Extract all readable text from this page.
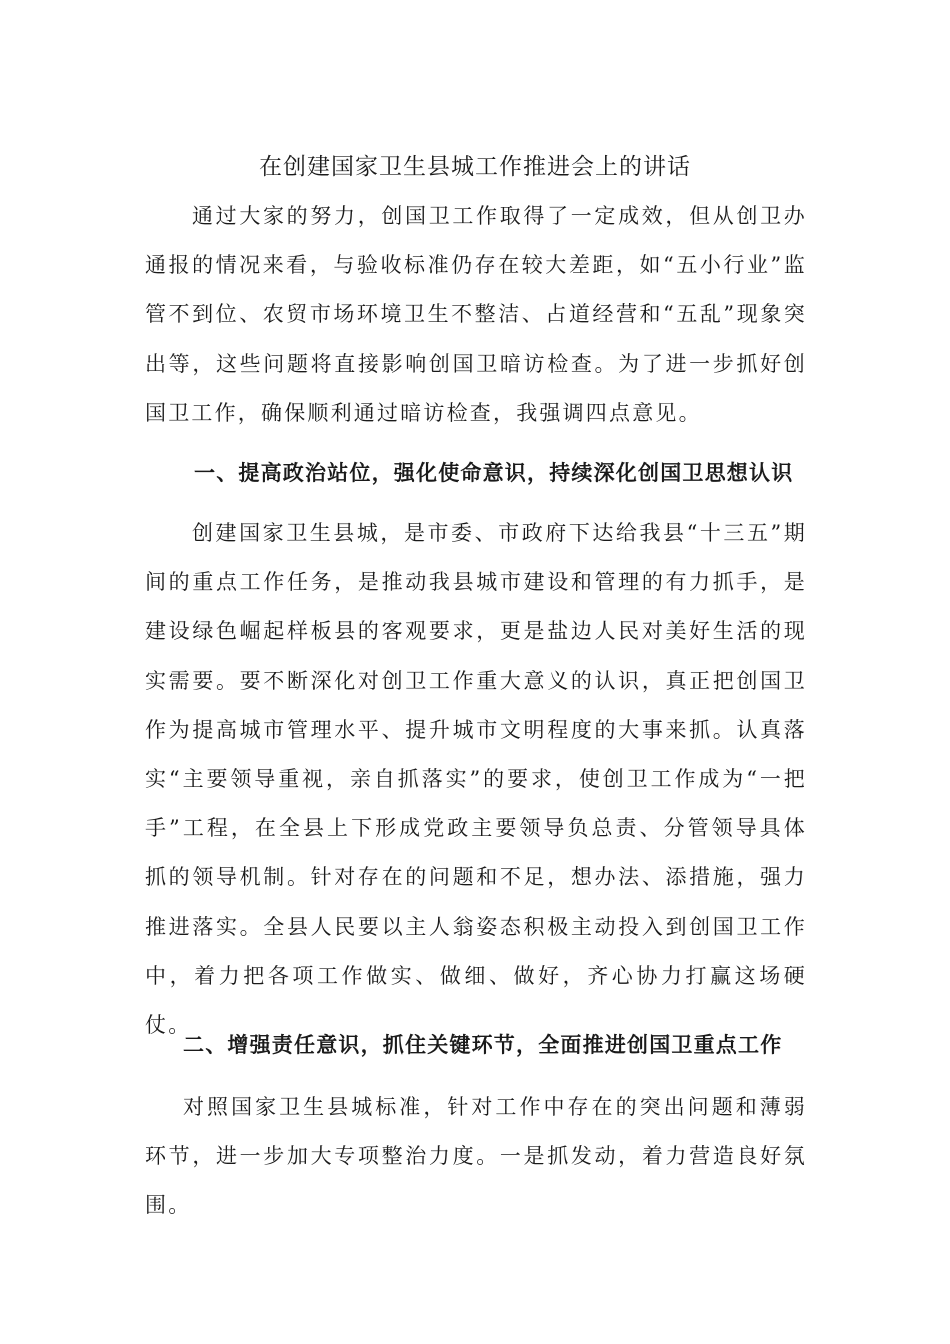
在创建国家卫生县城工作推进会上的讲话

通过大家的努力，创国卫工作取得了一定成效，但从创卫办通报的情况来看，与验收标准仍存在较大差距，如“五小行业”监管不到位、农贸市场环境卫生不整洁、占道经营和“五乱”现象突出等，这些问题将直接影响创国卫暗访检查。为了进一步抓好创国卫工作，确保顺利通过暗访检查，我强调四点意见。

一、提高政治站位，强化使命意识，持续深化创国卫思想认识

创建国家卫生县城，是市委、市政府下达给我县“十三五”期间的重点工作任务，是推动我县城市建设和管理的有力抓手，是建设绿色崛起样板县的客观要求，更是盐边人民对美好生活的现实需要。要不断深化对创卫工作重大意义的认识，真正把创国卫作为提高城市管理水平、提升城市文明程度的大事来抓。认真落实“主要领导重视，亲自抓落实”的要求，使创卫工作成为“一把手”工程，在全县上下形成党政主要领导负总责、分管领导具体抓的领导机制。针对存在的问题和不足，想办法、添措施，强力推进落实。全县人民要以主人翁姿态积极主动投入到创国卫工作中，着力把各项工作做实、做细、做好，齐心协力打赢这场硬仗。

二、增强责任意识，抓住关键环节，全面推进创国卫重点工作

对照国家卫生县城标准，针对工作中存在的突出问题和薄弱环节，进一步加大专项整治力度。一是抓发动，着力营造良好氛围。
